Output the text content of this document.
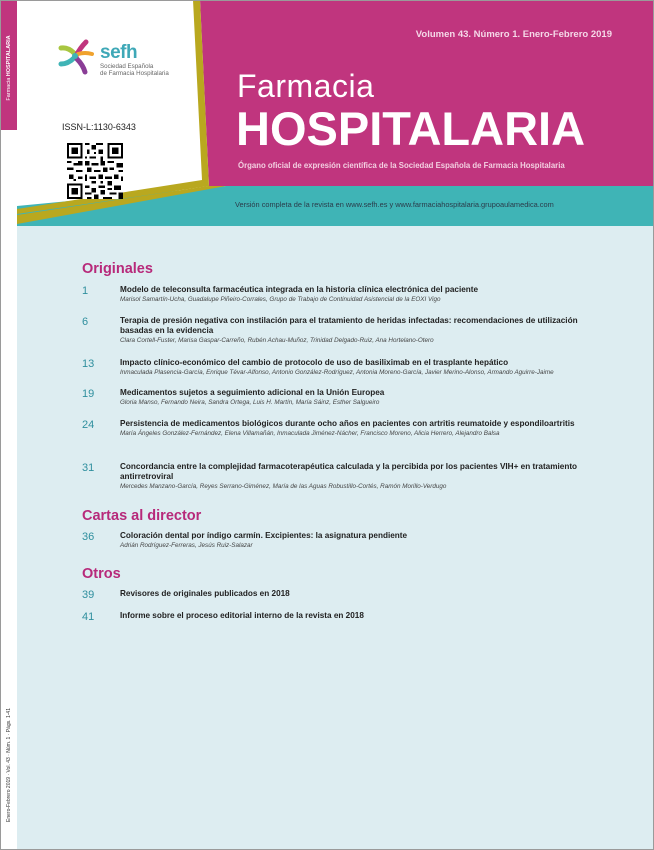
Farmacia HOSPITALARIA
Enero-Febrero 2019 · Vol. 43 · Núm. 1 · Págs. 1-41
sefh
Sociedad Española
de Farmacia Hospitalaria
ISSN-L:1130-6343
Volumen 43. Número 1. Enero-Febrero 2019
Farmacia
HOSPITALARIA
Órgano oficial de expresión científica de la Sociedad Española de Farmacia Hospitalaria
Versión completa de la revista en www.sefh.es y www.farmaciahospitalaria.grupoaulamedica.com
Originales
1	Modelo de teleconsulta farmacéutica integrada en la historia clínica electrónica del paciente
Marisol Samartín-Ucha, Guadalupe Piñeiro-Corrales, Grupo de Trabajo de Continuidad Asistencial de la EOXI Vigo
6	Terapia de presión negativa con instilación para el tratamiento de heridas infectadas: recomendaciones de utilización basadas en la evidencia
Clara Cortell-Fuster, Marisa Gaspar-Carreño, Rubén Achau-Muñoz, Trinidad Delgado-Ruiz, Ana Hortelano-Otero
13	Impacto clínico-económico del cambio de protocolo de uso de basiliximab en el trasplante hepático
Inmaculada Plasencia-García, Enrique Tévar-Alfonso, Antonio González-Rodríguez, Antonia Moreno-García, Javier Merino-Alonso, Armando Aguirre-Jaime
19	Medicamentos sujetos a seguimiento adicional en la Unión Europea
Gloria Manso, Fernando Neira, Sandra Ortega, Luis H. Martín, María Sáinz, Esther Salgueiro
24	Persistencia de medicamentos biológicos durante ocho años en pacientes con artritis reumatoide y espondiloartritis
María Ángeles González-Fernández, Elena Villamañán, Inmaculada Jiménez-Nácher, Francisco Moreno, Alicia Herrero, Alejandro Balsa
31	Concordancia entre la complejidad farmacoterapéutica calculada y la percibida por los pacientes VIH+ en tratamiento antirretroviral
Mercedes Manzano-García, Reyes Serrano-Giménez, María de las Aguas Robustillo-Cortés, Ramón Morillo-Verdugo
Cartas al director
36	Coloración dental por índigo carmín. Excipientes: la asignatura pendiente
Adrián Rodríguez-Ferreras, Jesús Ruiz-Salazar
Otros
39	Revisores de originales publicados en 2018
41	Informe sobre el proceso editorial interno de la revista en 2018
